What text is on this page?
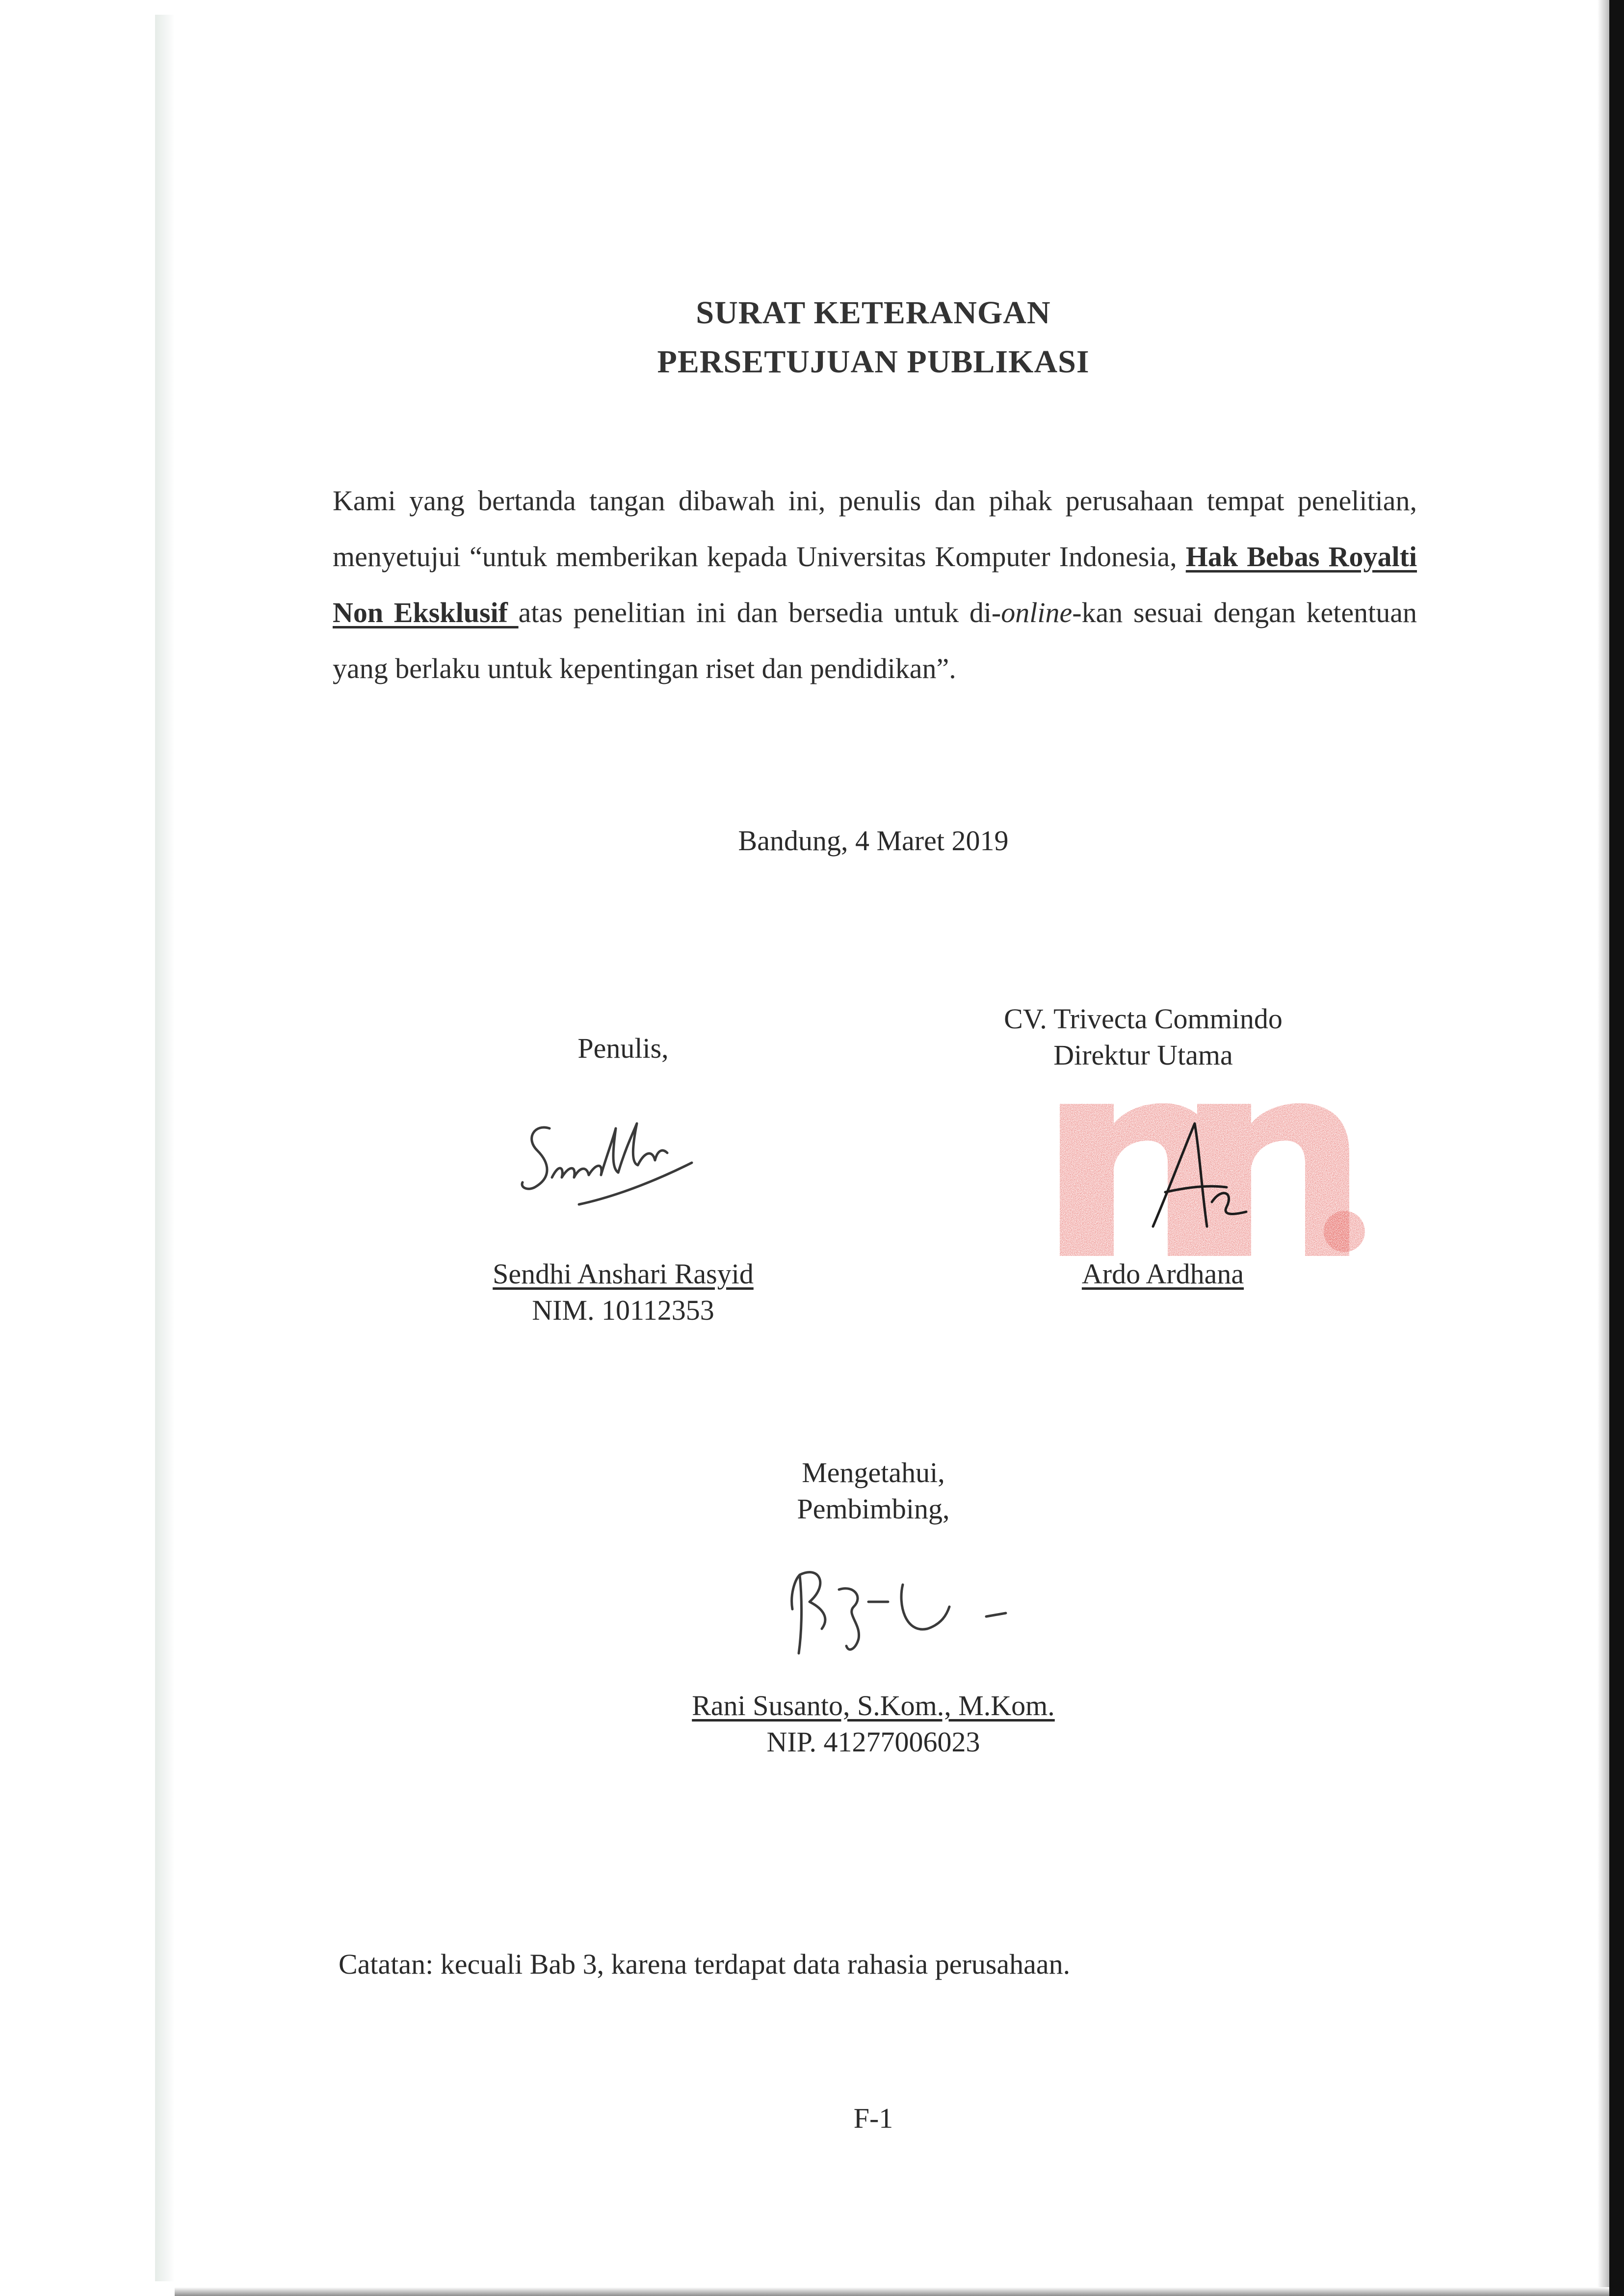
SURAT KETERANGAN
PERSETUJUAN PUBLIKASI
Kami yang bertanda tangan dibawah ini, penulis dan pihak perusahaan tempat penelitian, menyetujui “untuk memberikan kepada Universitas Komputer Indonesia, Hak Bebas Royalti Non Eksklusif atas penelitian ini dan bersedia untuk di-online-kan sesuai dengan ketentuan yang berlaku untuk kepentingan riset dan pendidikan”.
Bandung, 4 Maret 2019
Penulis,
Sendhi Anshari Rasyid
NIM. 10112353
CV. Trivecta Commindo
Direktur Utama
Ardo Ardhana
Mengetahui,
Pembimbing,
Rani Susanto, S.Kom., M.Kom.
NIP. 41277006023
Catatan: kecuali Bab 3, karena terdapat data rahasia perusahaan.
F-1
